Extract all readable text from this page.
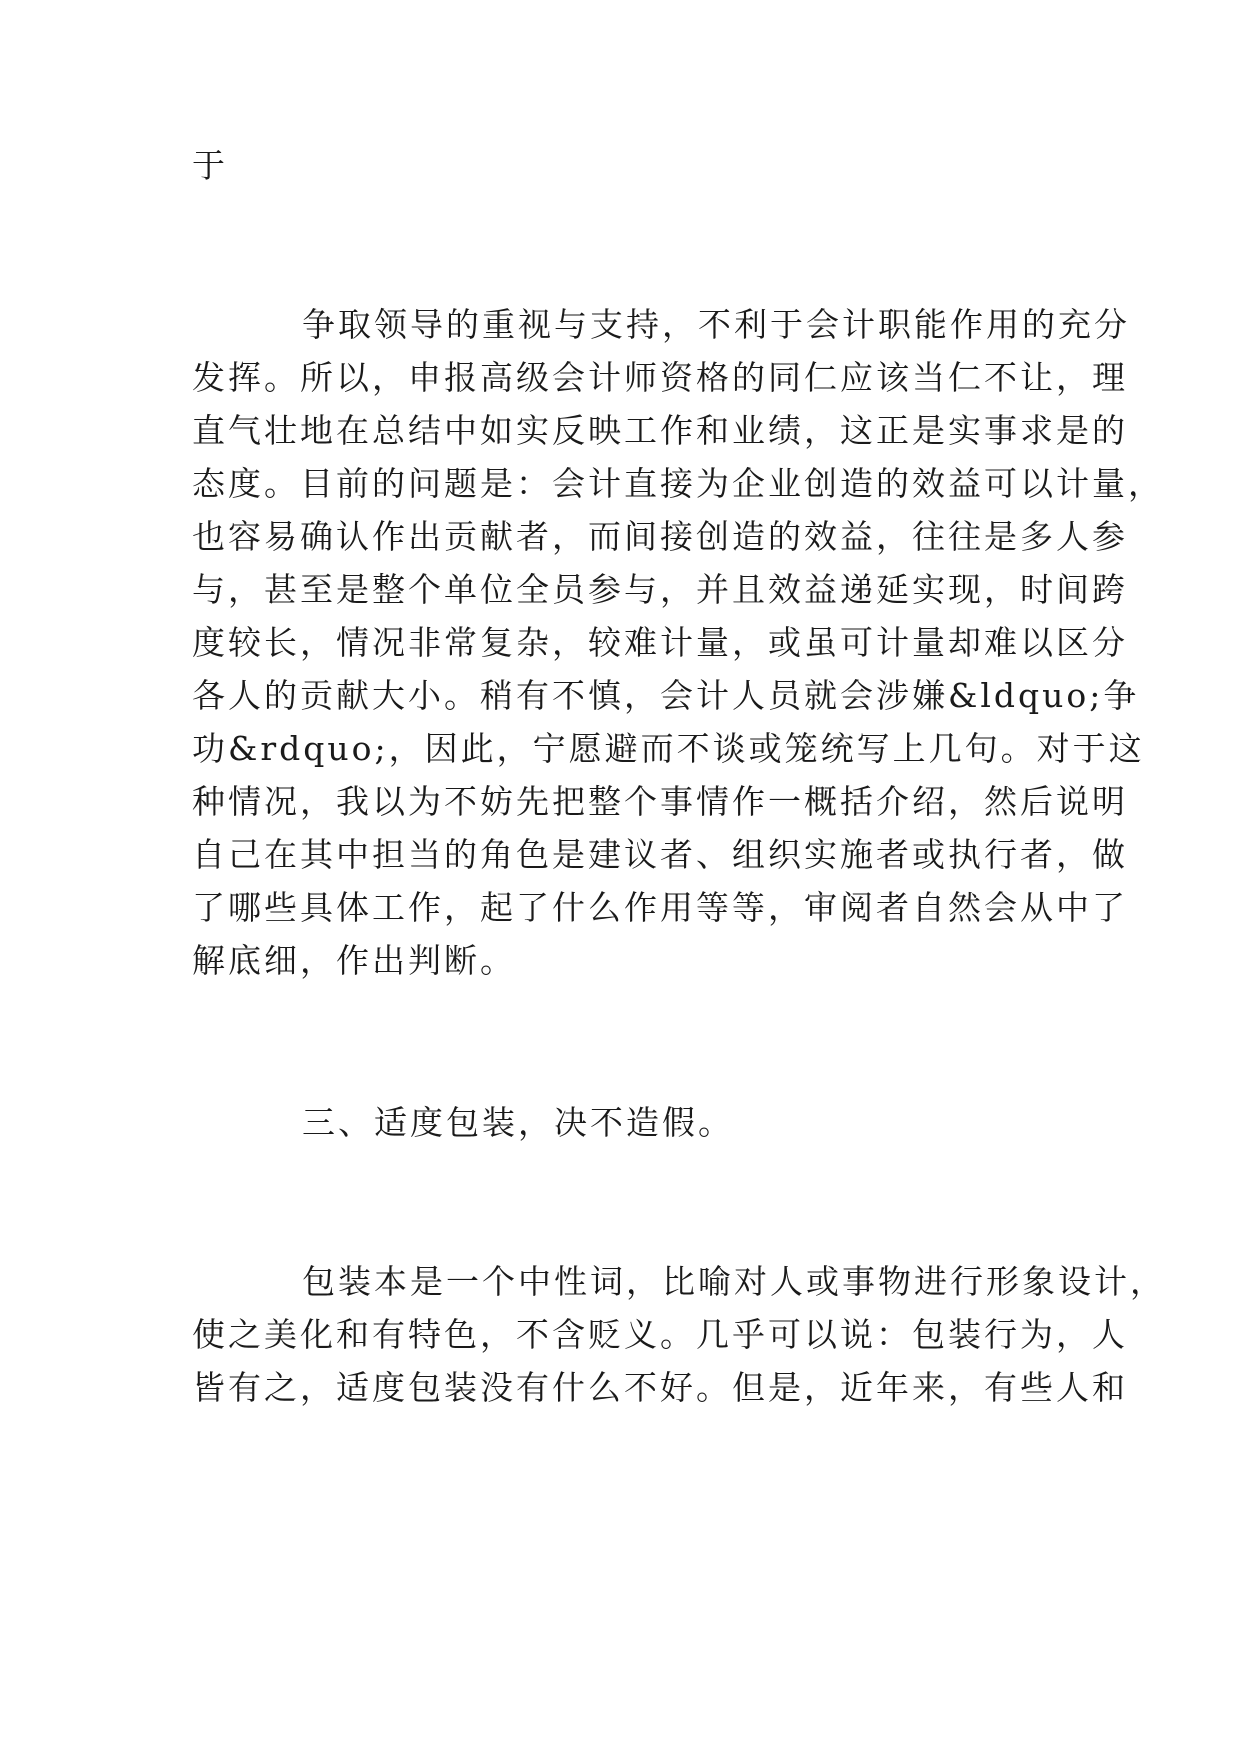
于
争取领导的重视与支持，不利于会计职能作用的充分
发挥。所以，申报高级会计师资格的同仁应该当仁不让，理
直气壮地在总结中如实反映工作和业绩，这正是实事求是的
态度。目前的问题是：会计直接为企业创造的效益可以计量，
也容易确认作出贡献者，而间接创造的效益，往往是多人参
与，甚至是整个单位全员参与，并且效益递延实现，时间跨
度较长，情况非常复杂，较难计量，或虽可计量却难以区分
各人的贡献大小。稍有不慎，会计人员就会涉嫌&ldquo;争
功&rdquo;，因此，宁愿避而不谈或笼统写上几句。对于这
种情况，我以为不妨先把整个事情作一概括介绍，然后说明
自己在其中担当的角色是建议者、组织实施者或执行者，做
了哪些具体工作，起了什么作用等等，审阅者自然会从中了
解底细，作出判断。
三、适度包装，决不造假。
包装本是一个中性词，比喻对人或事物进行形象设计，
使之美化和有特色，不含贬义。几乎可以说：包装行为，人
皆有之，适度包装没有什么不好。但是，近年来，有些人和
